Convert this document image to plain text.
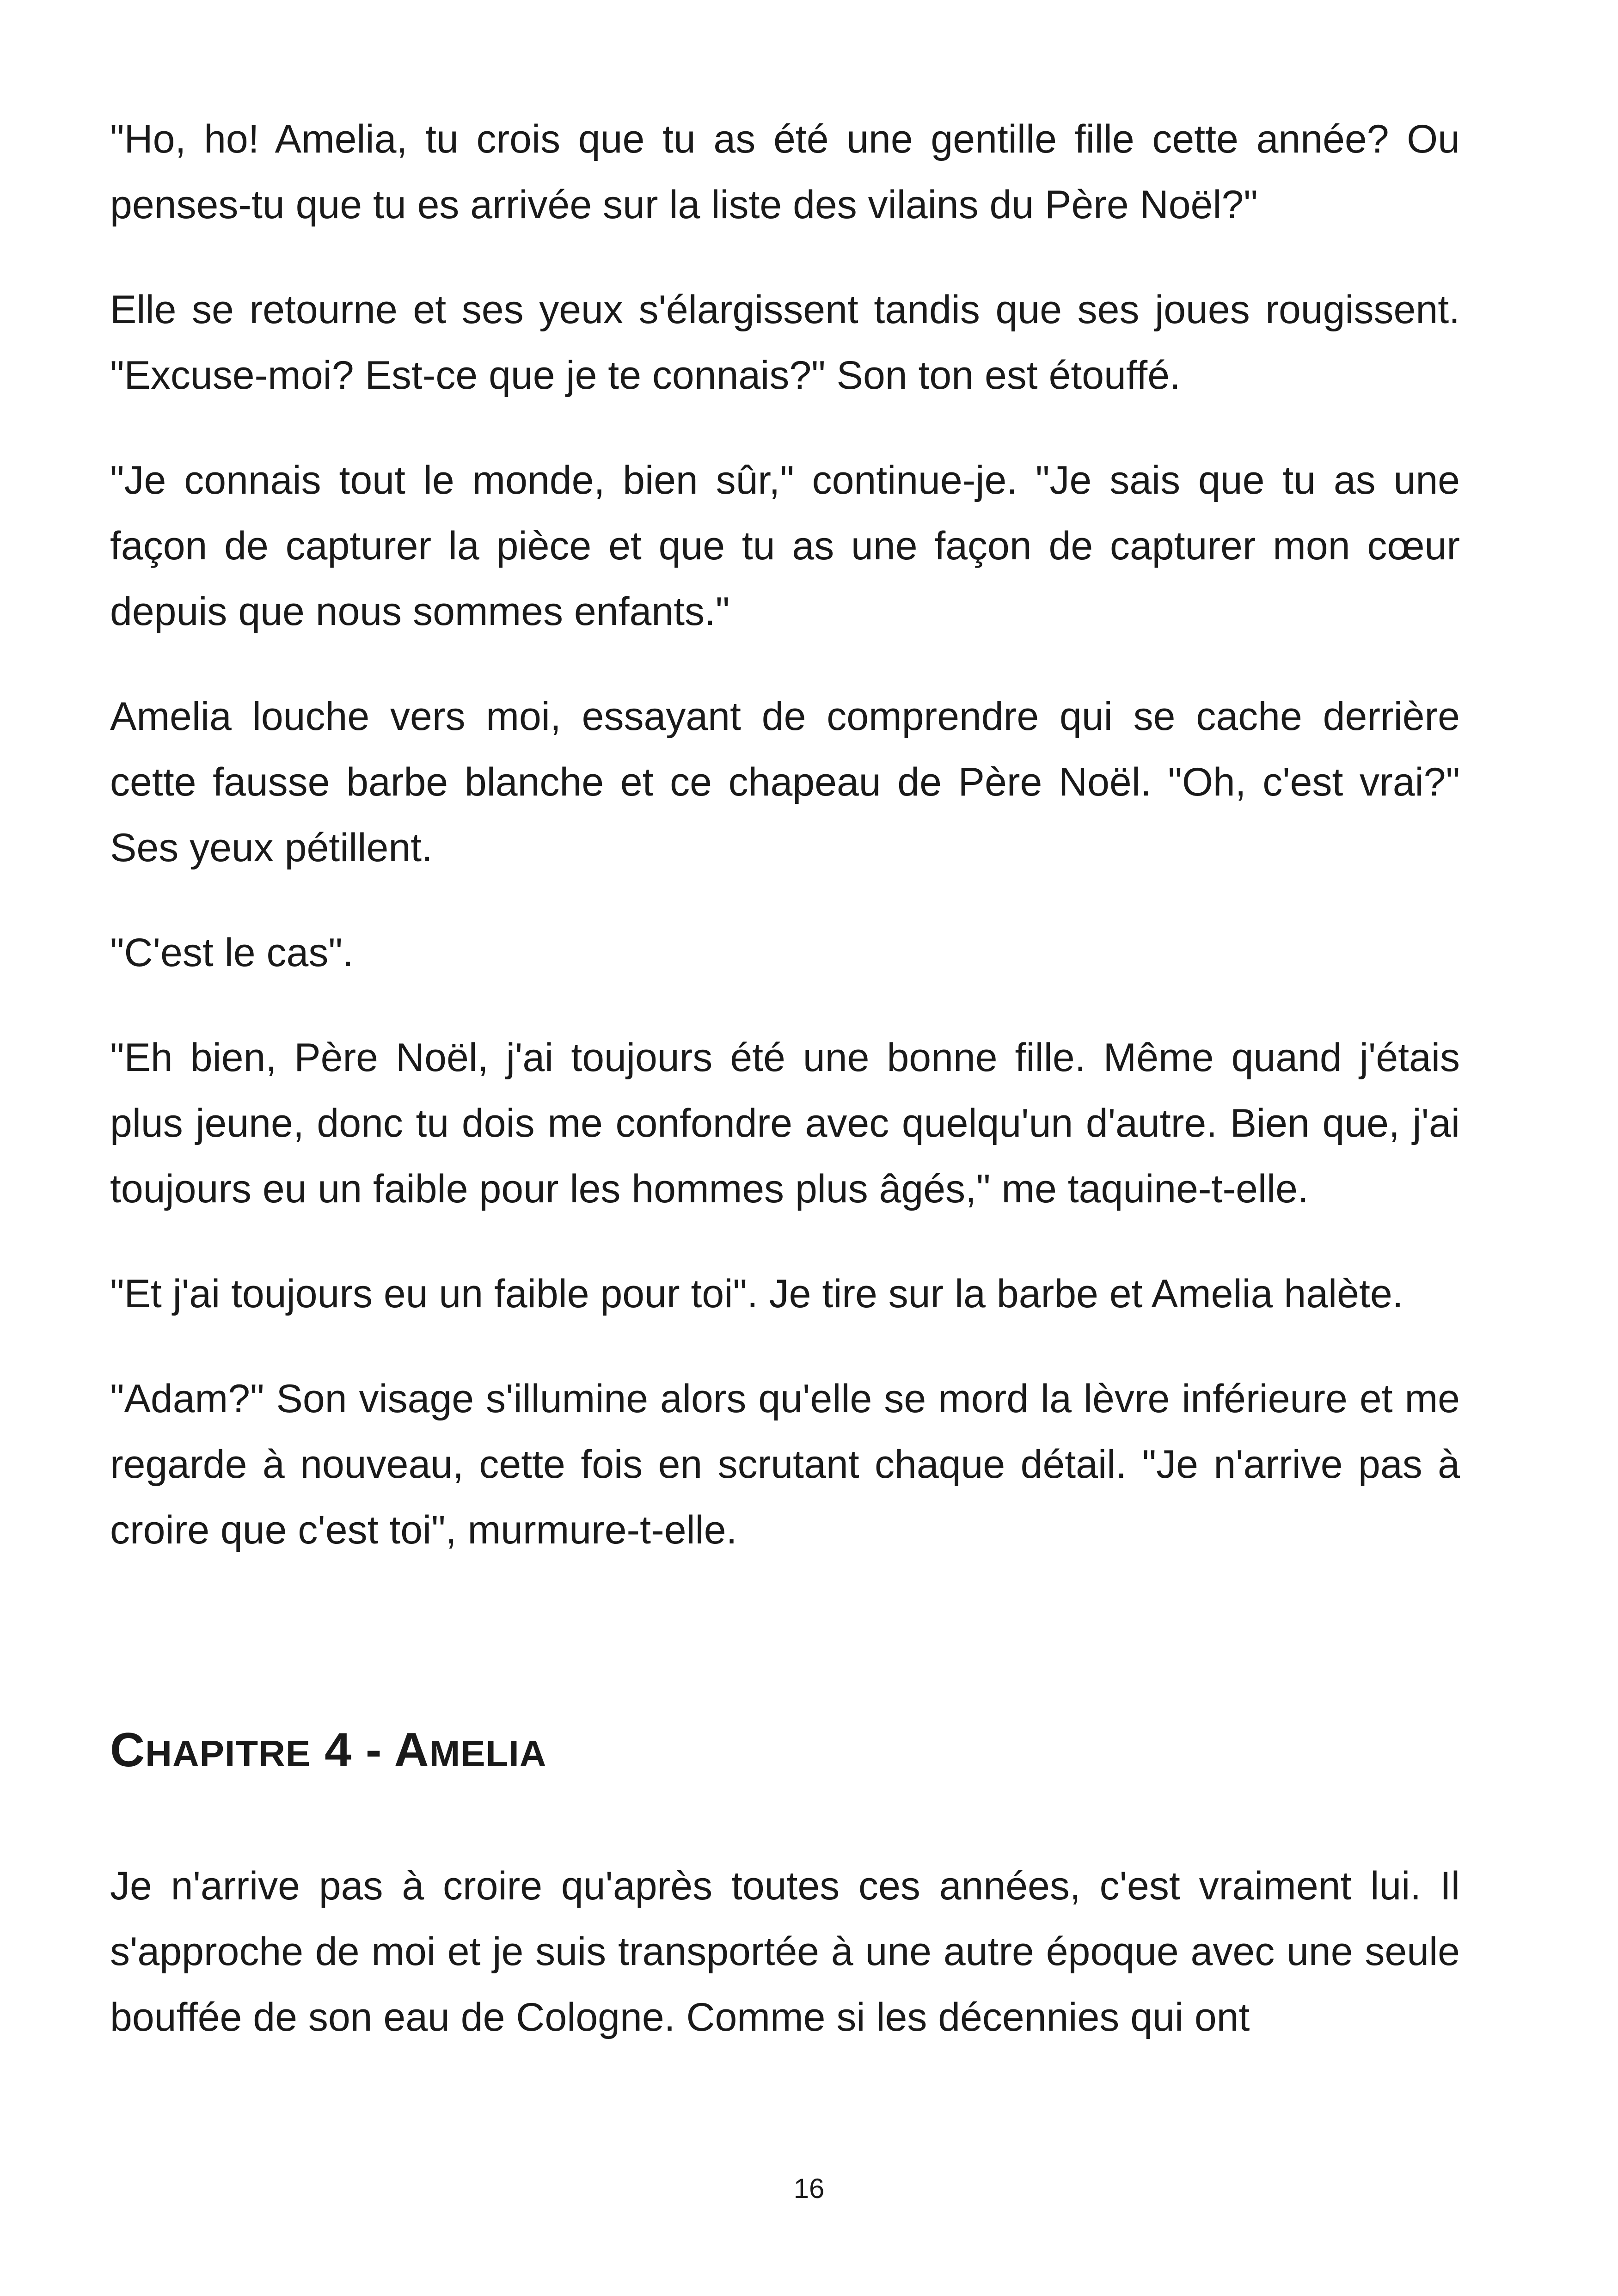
"Ho, ho! Amelia, tu crois que tu as été une gentille fille cette année? Ou penses-tu que tu es arrivée sur la liste des vilains du Père Noël?"

Elle se retourne et ses yeux s'élargissent tandis que ses joues rougissent. "Excuse-moi? Est-ce que je te connais?" Son ton est étouffé.

"Je connais tout le monde, bien sûr," continue-je. "Je sais que tu as une façon de capturer la pièce et que tu as une façon de capturer mon cœur depuis que nous sommes enfants."

Amelia louche vers moi, essayant de comprendre qui se cache derrière cette fausse barbe blanche et ce chapeau de Père Noël. "Oh, c'est vrai?" Ses yeux pétillent.

"C'est le cas".

"Eh bien, Père Noël, j'ai toujours été une bonne fille. Même quand j'étais plus jeune, donc tu dois me confondre avec quelqu'un d'autre. Bien que, j'ai toujours eu un faible pour les hommes plus âgés," me taquine-t-elle.

"Et j'ai toujours eu un faible pour toi". Je tire sur la barbe et Amelia halète.

"Adam?" Son visage s'illumine alors qu'elle se mord la lèvre inférieure et me regarde à nouveau, cette fois en scrutant chaque détail. "Je n'arrive pas à croire que c'est toi", murmure-t-elle.

CHAPITRE 4 - AMELIA

Je n'arrive pas à croire qu'après toutes ces années, c'est vraiment lui. Il s'approche de moi et je suis transportée à une autre époque avec une seule bouffée de son eau de Cologne. Comme si les décennies qui ont

16
